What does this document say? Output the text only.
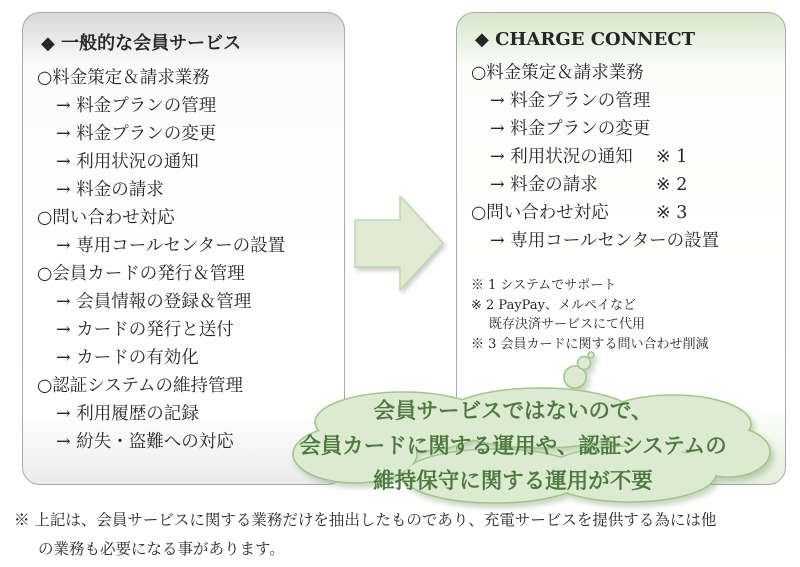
◆ 一般的な会員サービス
○料金策定＆請求業務
→ 料金プランの管理
→ 料金プランの変更
→ 利用状況の通知
→ 料金の請求
○問い合わせ対応
→ 専用コールセンターの設置
○会員カードの発行＆管理
→ 会員情報の登録＆管理
→ カードの発行と送付
→ カードの有効化
○認証システムの維持管理
→ 利用履歴の記録
→ 紛失・盗難への対応
◆ CHARGE CONNECT
○料金策定＆請求業務
→ 料金プランの管理
→ 料金プランの変更
→ 利用状況の通知 ※ 1
→ 料金の請求	※ 2
○問い合わせ対応	※ 3
→ 専用コールセンターの設置
※ 1 システムでサポート
※ 2 PayPay、メルペイなど
既存決済サービスにて代用
※ 3 会員カードに関する問い合わせ削減
会員サービスではないので、
会員カードに関する運用や、認証システムの
維持保守に関する運用が不要
※ 上記は、会員サービスに関する業務だけを抽出したものであり、充電サービスを提供する為には他
の業務も必要になる事があります。
